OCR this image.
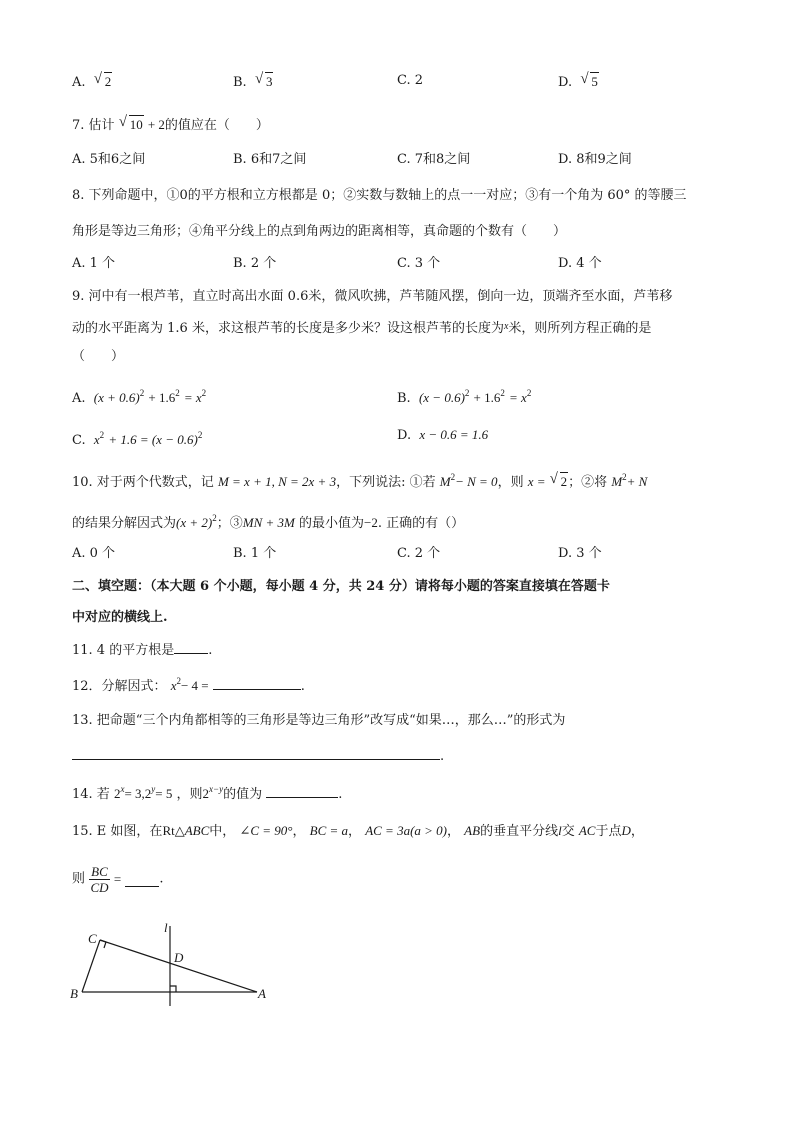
A. √ 2	B. √ 3	C. 2	D. √ 5
7. 估计 √ 10 + 2的值应在（　　）
A. 5和6之间	B. 6和7之间	C. 7和8之间	D. 8和9之间
8. 下列命题中，①0的平方根和立方根都是 0；②实数与数轴上的点一一对应；③有一个角为 60° 的等腰三
角形是等边三角形；④角平分线上的点到角两边的距离相等，真命题的个数有（　　）
A. 1 个	B. 2 个	C. 3 个	D. 4 个
9. 河中有一根芦苇，直立时高出水面 0.6米，微风吹拂，芦苇随风摆，倒向一边，顶端齐至水面，芦苇移
动的水平距离为 1.6 米，求这根芦苇的长度是多少米？设这根芦苇的长度为$^x$米，则所列方程正确的是
（　　）
A. $(x + 0.6)^2 + 1.6^2 = x^2$	B. $(x - 0.6)^2 + 1.6^2 = x^2$
C. $x^2 + 1.6 = (x - 0.6)^2$	D. x − 0.6 = 1.6
10. 对于两个代数式，记 M = x + 1, N = 2x + 3，下列说法: ①若 $M^2- N = 0$，则 x = √ 2；②将 $M^2+ N$
的结果分解因式为$(x + 2)^2$；③MN + 3M 的最小值为−2. 正确的有（）
A. 0 个	B. 1 个	C. 2 个	D. 3 个
二、填空题：（本大题 6 个小题，每小题 4 分，共 24 分）请将每小题的答案直接填在答题卡
中对应的横线上.
11. 4 的平方根是	.
12．分解因式： $x^2- 4$ =	.
13. 把命题“三个内角都相等的三角形是等边三角形”改写成“如果…，那么…”的形式为
.
14. 若 $2^x= 3,2^y= 5$ ，则$2^{x-y}$的值为	.
15. E 如图，在Rt△ABC中， ∠C = 90°， BC = a， AC = 3a(a > 0)， AB的垂直平分线l交 AC于点D，
则 $\frac{BC}{CD}$ =	.
C
D
B	A
l
